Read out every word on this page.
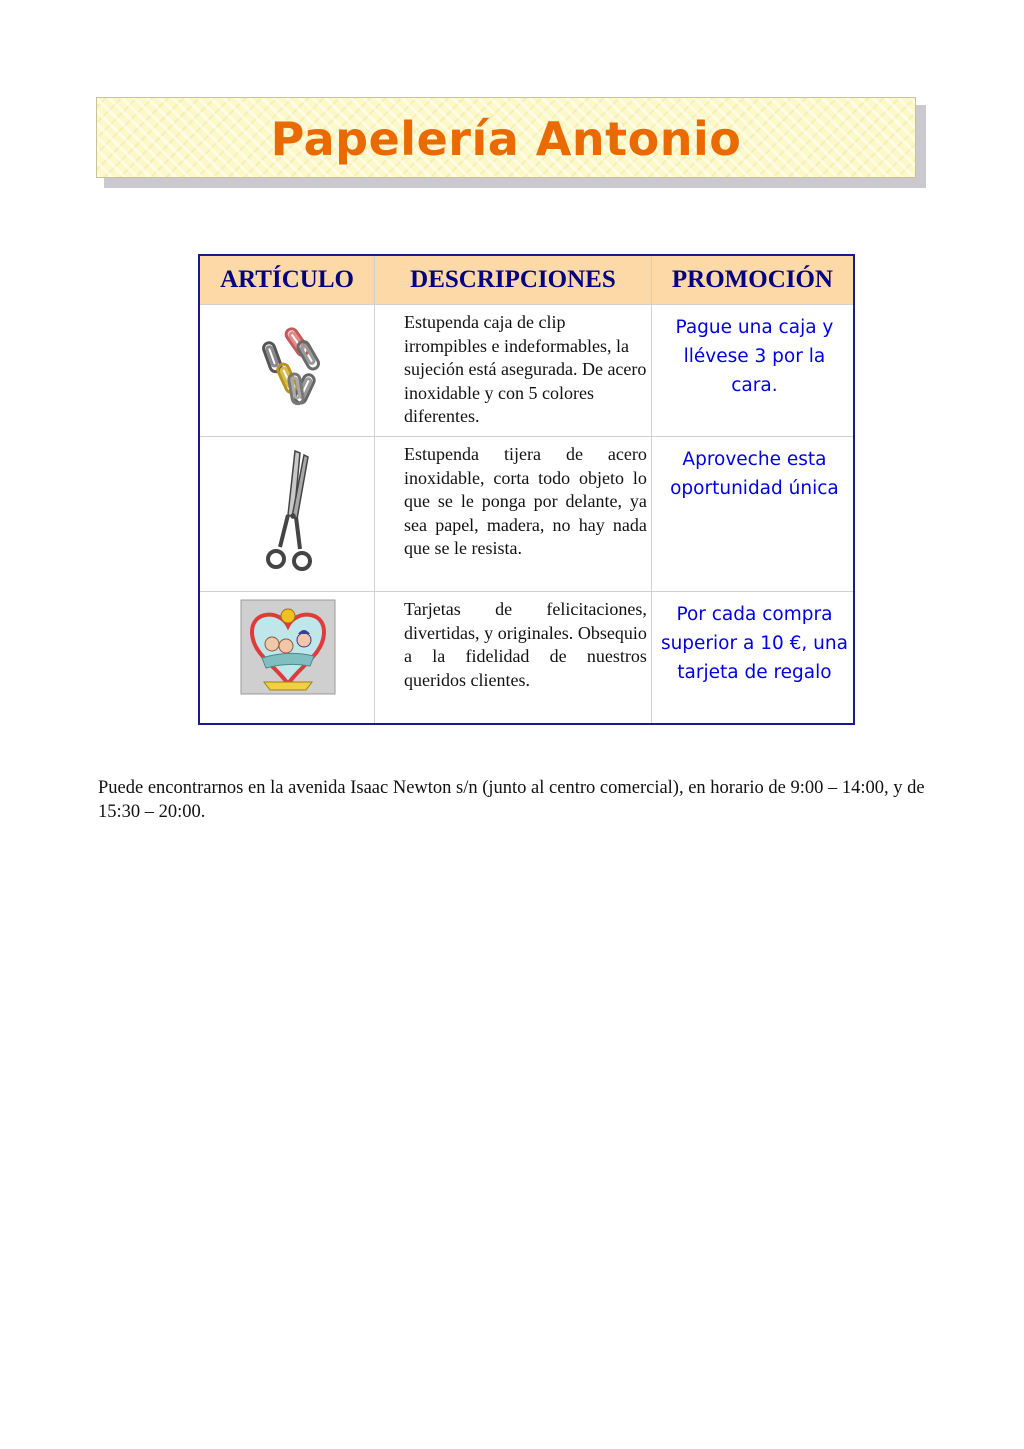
Papelería Antonio
ARTÍCULO	DESCRIPCIONES	PROMOCIÓN

Estupenda caja de clip irrompibles e indeformables, la sujeción está asegurada. De acero inoxidable y con 5 colores diferentes.	Pague una caja y llévese 3 por la cara.

Estupenda tijera de acero inoxidable, corta todo objeto lo que se le ponga por delante, ya sea papel, madera, no hay nada que se le resista.	Aproveche esta oportunidad única

Tarjetas de felicitaciones, divertidas, y originales. Obsequio a la fidelidad de nuestros queridos clientes.	Por cada compra superior a 10 €, una tarjeta de regalo
Puede encontrarnos en la avenida Isaac Newton s/n (junto al centro comercial), en horario de 9:00 – 14:00, y de 15:30 – 20:00.
